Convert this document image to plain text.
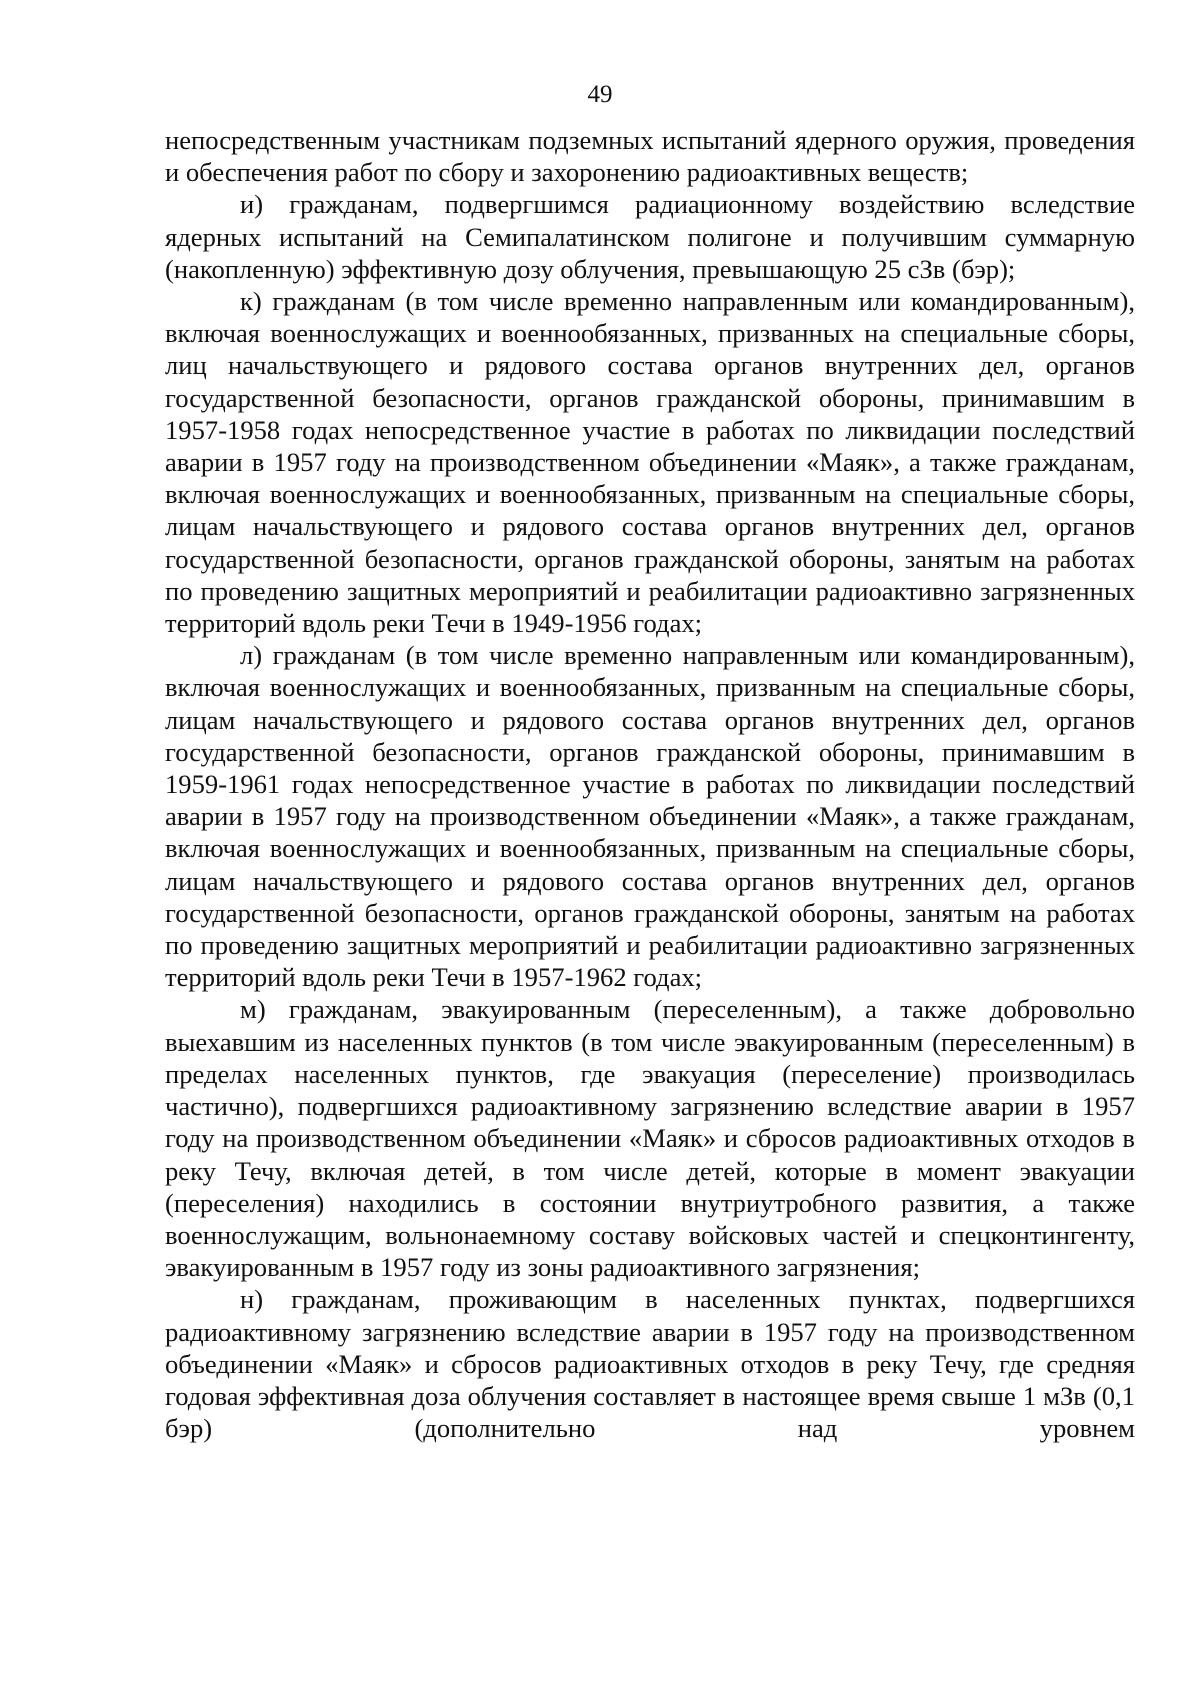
49

непосредственным участникам подземных испытаний ядерного оружия, проведения и обеспечения работ по сбору и захоронению радиоактивных веществ;

и) гражданам, подвергшимся радиационному воздействию вследствие ядерных испытаний на Семипалатинском полигоне и получившим суммарную (накопленную) эффективную дозу облучения, превышающую 25 сЗв (бэр);

к) гражданам (в том числе временно направленным или командированным), включая военнослужащих и военнообязанных, призванных на специальные сборы, лиц начальствующего и рядового состава органов внутренних дел, органов государственной безопасности, органов гражданской обороны, принимавшим в 1957-1958 годах непосредственное участие в работах по ликвидации последствий аварии в 1957 году на производственном объединении «Маяк», а также гражданам, включая военнослужащих и военнообязанных, призванным на специальные сборы, лицам начальствующего и рядового состава органов внутренних дел, органов государственной безопасности, органов гражданской обороны, занятым на работах по проведению защитных мероприятий и реабилитации радиоактивно загрязненных территорий вдоль реки Течи в 1949-1956 годах;

л) гражданам (в том числе временно направленным или командированным), включая военнослужащих и военнообязанных, призванным на специальные сборы, лицам начальствующего и рядового состава органов внутренних дел, органов государственной безопасности, органов гражданской обороны, принимавшим в 1959-1961 годах непосредственное участие в работах по ликвидации последствий аварии в 1957 году на производственном объединении «Маяк», а также гражданам, включая военнослужащих и военнообязанных, призванным на специальные сборы, лицам начальствующего и рядового состава органов внутренних дел, органов государственной безопасности, органов гражданской обороны, занятым на работах по проведению защитных мероприятий и реабилитации радиоактивно загрязненных территорий вдоль реки Течи в 1957-1962 годах;

м) гражданам, эвакуированным (переселенным), а также добровольно выехавшим из населенных пунктов (в том числе эвакуированным (переселенным) в пределах населенных пунктов, где эвакуация (переселение) производилась частично), подвергшихся радиоактивному загрязнению вследствие аварии в 1957 году на производственном объединении «Маяк» и сбросов радиоактивных отходов в реку Течу, включая детей, в том числе детей, которые в момент эвакуации (переселения) находились в состоянии внутриутробного развития, а также военнослужащим, вольнонаемному составу войсковых частей и спецконтингенту, эвакуированным в 1957 году из зоны радиоактивного загрязнения;

н) гражданам, проживающим в населенных пунктах, подвергшихся радиоактивному загрязнению вследствие аварии в 1957 году на производственном объединении «Маяк» и сбросов радиоактивных отходов в реку Течу, где средняя годовая эффективная доза облучения составляет в настоящее время свыше 1 мЗв (0,1 бэр) (дополнительно над уровнем
